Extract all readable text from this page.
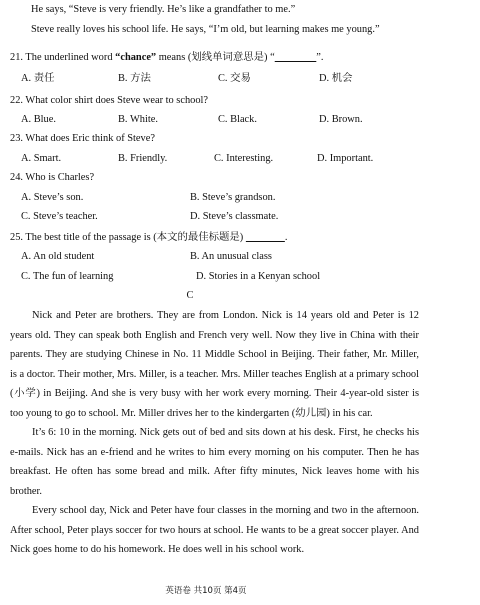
He says, “Steve is very friendly. He’s like a grandfather to me.”
Steve really loves his school life. He says, “I’m old, but learning makes me young.”
21. The underlined word “chance” means (划线单词意思是) “	”.
A. 责任	B. 方法	C. 交易	D. 机会
22. What color shirt does Steve wear to school?
A. Blue.	B. White.	C. Black.	D. Brown.
23. What does Eric think of Steve?
A. Smart.	B. Friendly.	C. Interesting.	D. Important.
24. Who is Charles?
A. Steve’s son.	B. Steve’s grandson.
C. Steve’s teacher.	D. Steve’s classmate.
25. The best title of the passage is (本文的最佳标题是)	.
A. An old student	B. An unusual class
C. The fun of learning	D. Stories in a Kenyan school
C

Nick and Peter are brothers. They are from London. Nick is 14 years old and Peter is 12 years old. They can speak both English and French very well. Now they live in China with their parents. They are studying Chinese in No. 11 Middle School in Beijing. Their father, Mr. Miller, is a doctor. Their mother, Mrs. Miller, is a teacher. Mrs. Miller teaches English at a primary school (小学) in Beijing. And she is very busy with her work every morning. Their 4-year-old sister is too young to go to school. Mr. Miller drives her to the kindergarten (幼儿园) in his car.

It’s 6: 10 in the morning. Nick gets out of bed and sits down at his desk. First, he checks his e-mails. Nick has an e-friend and he writes to him every morning on his computer. Then he has breakfast. He often has some bread and milk. After fifty minutes, Nick leaves home with his brother.

Every school day, Nick and Peter have four classes in the morning and two in the afternoon. After school, Peter plays soccer for two hours at school. He wants to be a great soccer player. And Nick goes home to do his homework. He does well in his school work.

英语卷 共10页 第4页
